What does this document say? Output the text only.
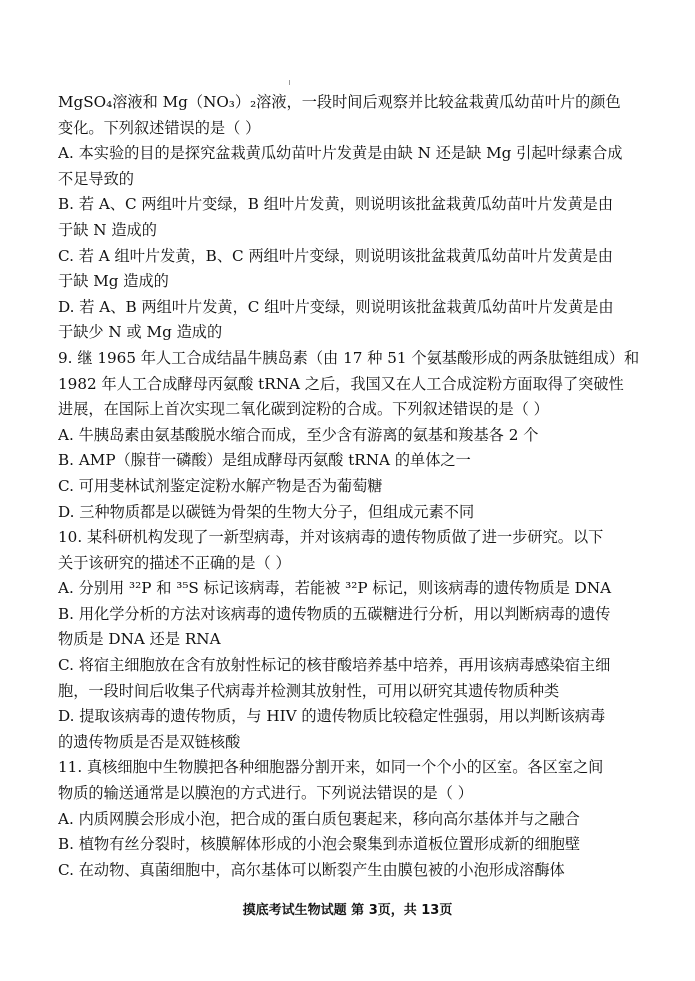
MgSO₄溶液和 Mg（NO₃）₂溶液，一段时间后观察并比较盆栽黄瓜幼苗叶片的颜色
变化。下列叙述错误的是（ ）
A. 本实验的目的是探究盆栽黄瓜幼苗叶片发黄是由缺 N 还是缺 Mg 引起叶绿素合成
不足导致的
B. 若 A、C 两组叶片变绿，B 组叶片发黄，则说明该批盆栽黄瓜幼苗叶片发黄是由
于缺 N 造成的
C. 若 A 组叶片发黄，B、C 两组叶片变绿，则说明该批盆栽黄瓜幼苗叶片发黄是由
于缺 Mg 造成的
D. 若 A、B 两组叶片发黄，C 组叶片变绿，则说明该批盆栽黄瓜幼苗叶片发黄是由
于缺少 N 或 Mg 造成的
9. 继 1965 年人工合成结晶牛胰岛素（由 17 种 51 个氨基酸形成的两条肽链组成）和
1982 年人工合成酵母丙氨酸 tRNA 之后，我国又在人工合成淀粉方面取得了突破性
进展，在国际上首次实现二氧化碳到淀粉的合成。下列叙述错误的是（ ）
A. 牛胰岛素由氨基酸脱水缩合而成，至少含有游离的氨基和羧基各 2 个
B. AMP（腺苷一磷酸）是组成酵母丙氨酸 tRNA 的单体之一
C. 可用斐林试剂鉴定淀粉水解产物是否为葡萄糖
D. 三种物质都是以碳链为骨架的生物大分子，但组成元素不同
10. 某科研机构发现了一新型病毒，并对该病毒的遗传物质做了进一步研究。以下
关于该研究的描述不正确的是（ ）
A. 分别用 ³²P 和 ³⁵S 标记该病毒，若能被 ³²P 标记，则该病毒的遗传物质是 DNA
B. 用化学分析的方法对该病毒的遗传物质的五碳糖进行分析，用以判断病毒的遗传
物质是 DNA 还是 RNA
C. 将宿主细胞放在含有放射性标记的核苷酸培养基中培养，再用该病毒感染宿主细
胞，一段时间后收集子代病毒并检测其放射性，可用以研究其遗传物质种类
D. 提取该病毒的遗传物质，与 HIV 的遗传物质比较稳定性强弱，用以判断该病毒
的遗传物质是否是双链核酸
11. 真核细胞中生物膜把各种细胞器分割开来，如同一个个小的区室。各区室之间
物质的输送通常是以膜泡的方式进行。下列说法错误的是（ ）
A. 内质网膜会形成小泡，把合成的蛋白质包裹起来，移向高尔基体并与之融合
B. 植物有丝分裂时，核膜解体形成的小泡会聚集到赤道板位置形成新的细胞壁
C. 在动物、真菌细胞中，高尔基体可以断裂产生由膜包被的小泡形成溶酶体
摸底考试生物试题 第 3页，共 13页
